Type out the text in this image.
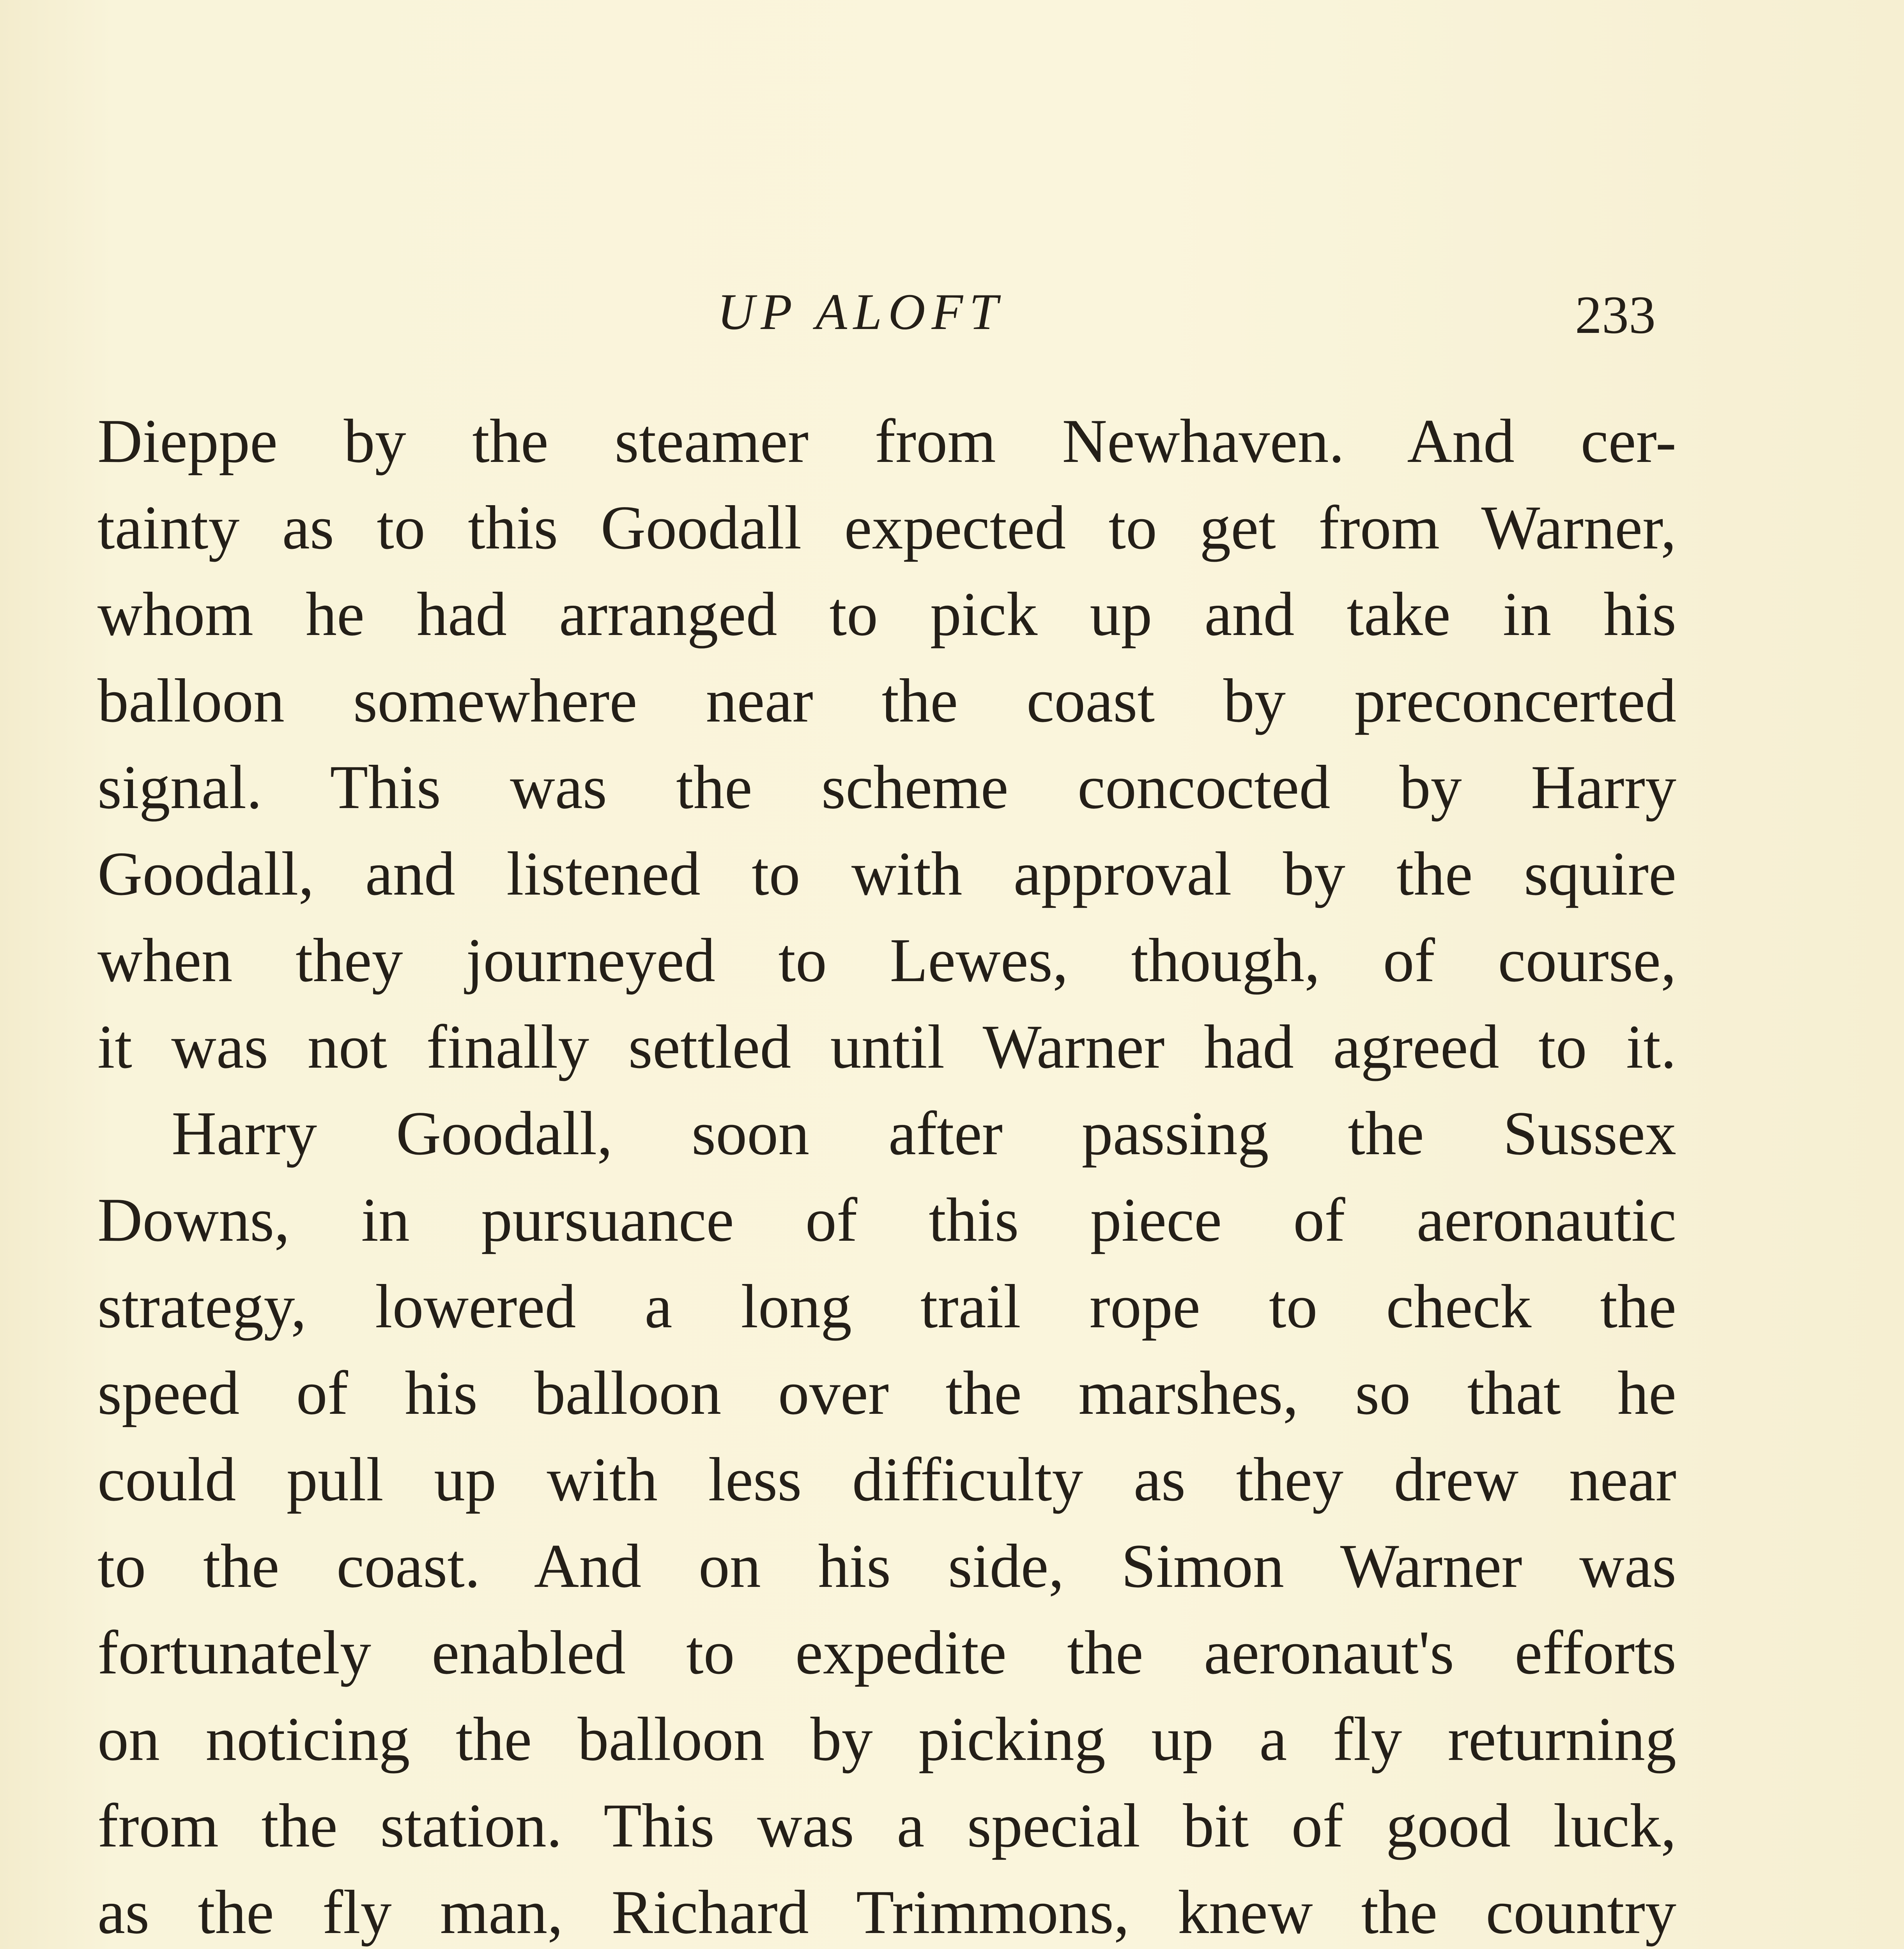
UP ALOFT	233
Dieppe by the steamer from Newhaven. And cer-
tainty as to this Goodall expected to get from Warner,
whom he had arranged to pick up and take in his
balloon somewhere near the coast by preconcerted
signal. This was the scheme concocted by Harry
Goodall, and listened to with approval by the squire
when they journeyed to Lewes, though, of course,
it was not finally settled until Warner had agreed to it.
Harry Goodall, soon after passing the Sussex
Downs, in pursuance of this piece of aeronautic
strategy, lowered a long trail rope to check the
speed of his balloon over the marshes, so that he
could pull up with less difficulty as they drew near
to the coast. And on his side, Simon Warner was
fortunately enabled to expedite the aeronaut's efforts
on noticing the balloon by picking up a fly returning
from the station. This was a special bit of good luck,
as the fly man, Richard Trimmons, knew the country
